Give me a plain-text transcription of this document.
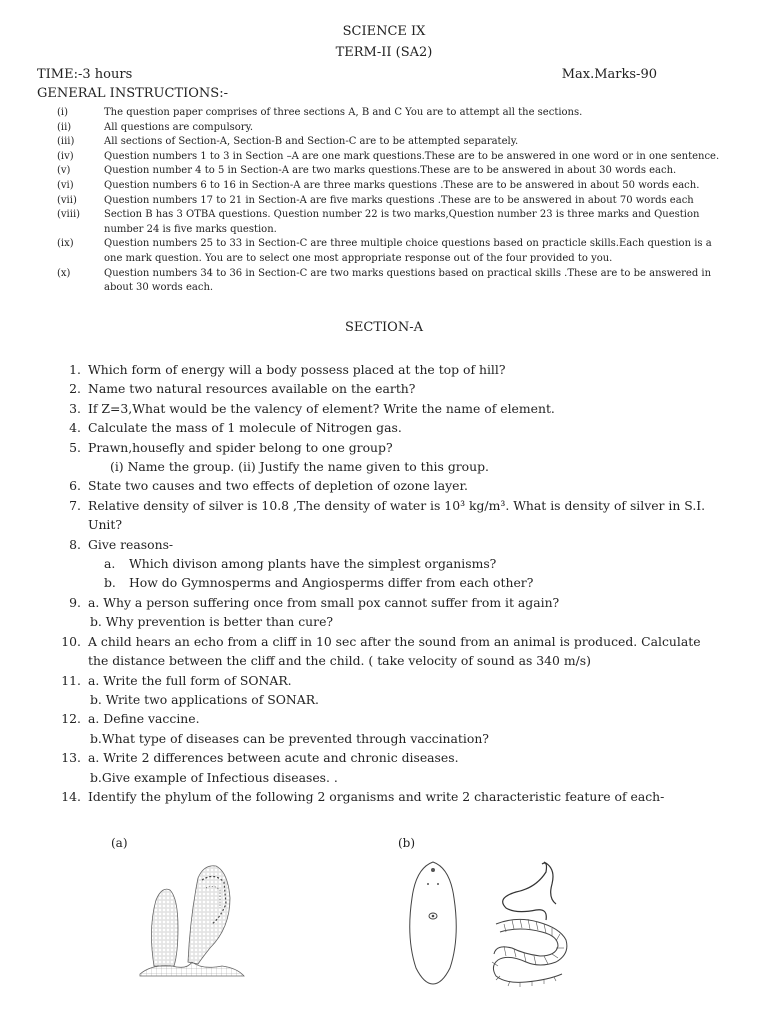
SCIENCE IX
TERM-II (SA2)
TIME:-3 hours	Max.Marks-90
GENERAL INSTRUCTIONS:-
(i)	The question paper comprises of three sections A, B and C You are to attempt all the sections.
(ii)	All questions are compulsory.
(iii)	All sections of Section-A, Section-B and Section-C are to be attempted separately.
(iv)	Question numbers 1 to 3 in Section –A are one mark questions.These are to be answered in one word or in one sentence.
(v)	Question number 4 to 5 in Section-A are two marks questions.These are to be answered in about 30 words each.
(vi)	Question numbers 6 to 16 in Section-A are three marks questions .These are to be answered in about 50 words each.
(vii)	Question numbers 17 to 21 in Section-A are five marks questions .These are to be answered in about 70 words each
(viii)	Section B has 3 OTBA questions. Question number 22 is two marks,Question number 23 is three marks and Question number 24 is five marks question.
(ix)	Question numbers 25 to 33 in Section-C are three multiple choice questions based on practicle skills.Each question is a one mark question. You are to select one most appropriate response out of the four provided to you.
(x)	Question numbers 34 to 36 in Section-C are two marks questions based on practical skills .These are to be answered in about 30 words each.
SECTION-A
1. Which form of energy will a body possess placed at the top of hill?
2. Name two natural resources available on the earth?
3. If Z=3,What would be the valency of element? Write the name of element.
4. Calculate the mass of 1 molecule of Nitrogen gas.
5. Prawn,housefly and spider belong to one group?
(i) Name the group. (ii) Justify the name given to this group.
6. State two causes and two effects of depletion of ozone layer.
7. Relative density of silver is 10.8 ,The density of water is 10³ kg/m³. What is density of silver in S.I. Unit?
8. Give reasons-
a.	Which divison among plants have the simplest organisms?
b.	How do Gymnosperms and Angiosperms differ from each other?
9. a. Why a person suffering once from small pox cannot suffer from it again?
b. Why prevention is better than cure?
10. A child hears an echo from a cliff in 10 sec after the sound from an animal is produced. Calculate the distance between the cliff and the child. ( take velocity of sound as 340 m/s)
11. a. Write the full form of SONAR.
b. Write two applications of SONAR.
12. a. Define vaccine.
b.What type of diseases can be prevented through vaccination?
13. a. Write 2 differences between acute and chronic diseases.
b.Give example of Infectious diseases. .
14. Identify the phylum of the following 2 organisms and write 2 characteristic feature of each-
(a)	(b)
